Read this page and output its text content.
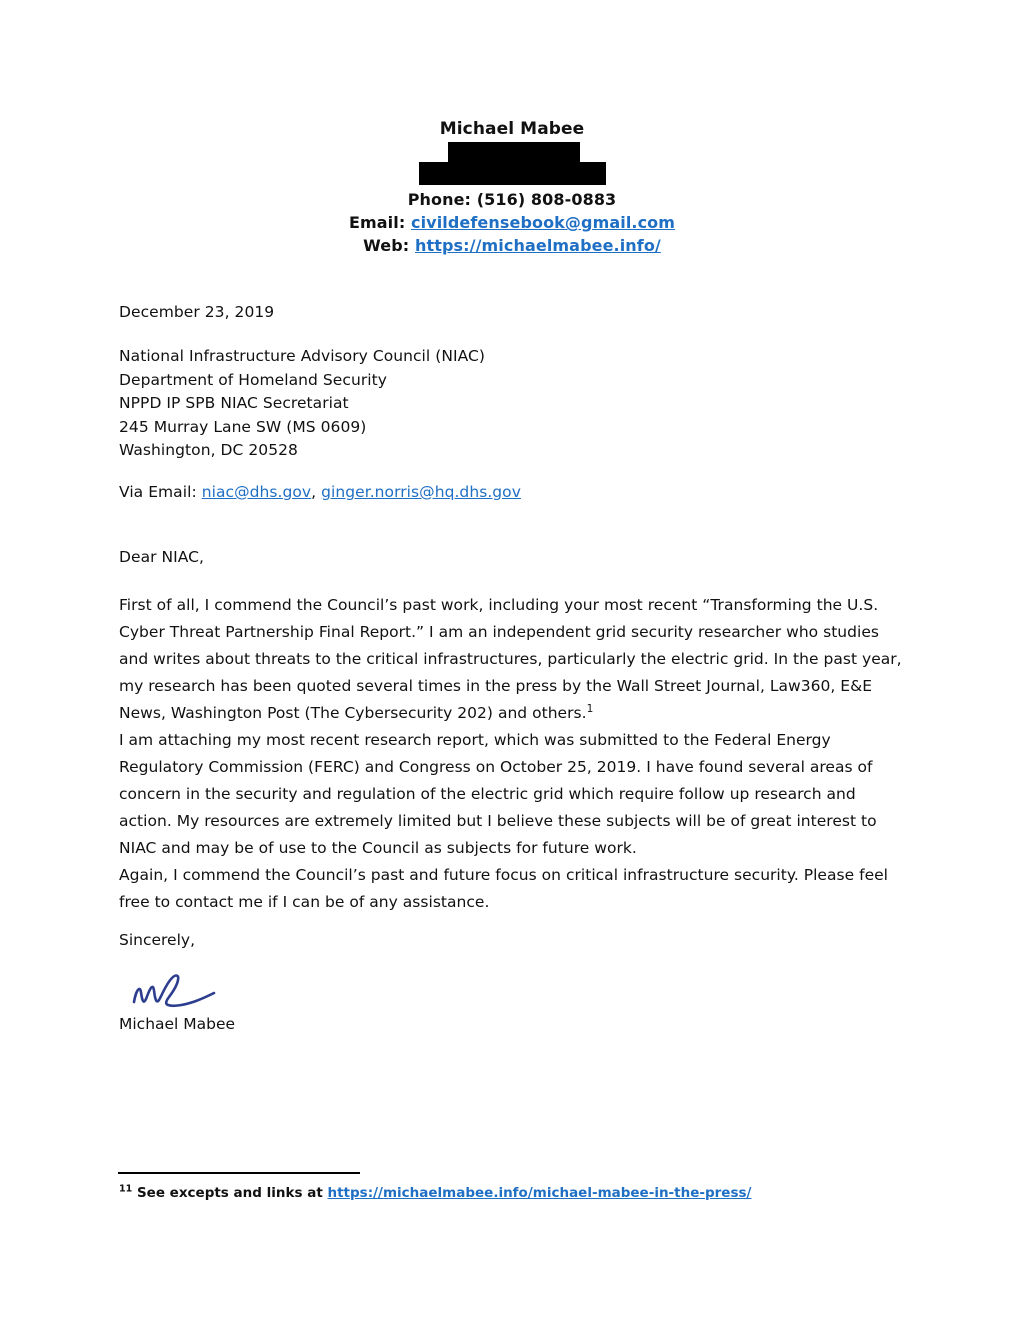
Michael Mabee
Phone: (516) 808-0883
Email: civildefensebook@gmail.com
Web: https://michaelmabee.info/
December 23, 2019
National Infrastructure Advisory Council (NIAC)
Department of Homeland Security
NPPD IP SPB NIAC Secretariat
245 Murray Lane SW (MS 0609)
Washington, DC 20528
Via Email: niac@dhs.gov, ginger.norris@hq.dhs.gov
Dear NIAC,
First of all, I commend the Council’s past work, including your most recent “Transforming the U.S. Cyber Threat Partnership Final Report.” I am an independent grid security researcher who studies and writes about threats to the critical infrastructures, particularly the electric grid. In the past year, my research has been quoted several times in the press by the Wall Street Journal, Law360, E&E News, Washington Post (The Cybersecurity 202) and others.$^1$
I am attaching my most recent research report, which was submitted to the Federal Energy Regulatory Commission (FERC) and Congress on October 25, 2019. I have found several areas of concern in the security and regulation of the electric grid which require follow up research and action. My resources are extremely limited but I believe these subjects will be of great interest to NIAC and may be of use to the Council as subjects for future work.
Again, I commend the Council’s past and future focus on critical infrastructure security. Please feel free to contact me if I can be of any assistance.
Sincerely,
Michael Mabee
$^{11}$ See excepts and links at https://michaelmabee.info/michael-mabee-in-the-press/
